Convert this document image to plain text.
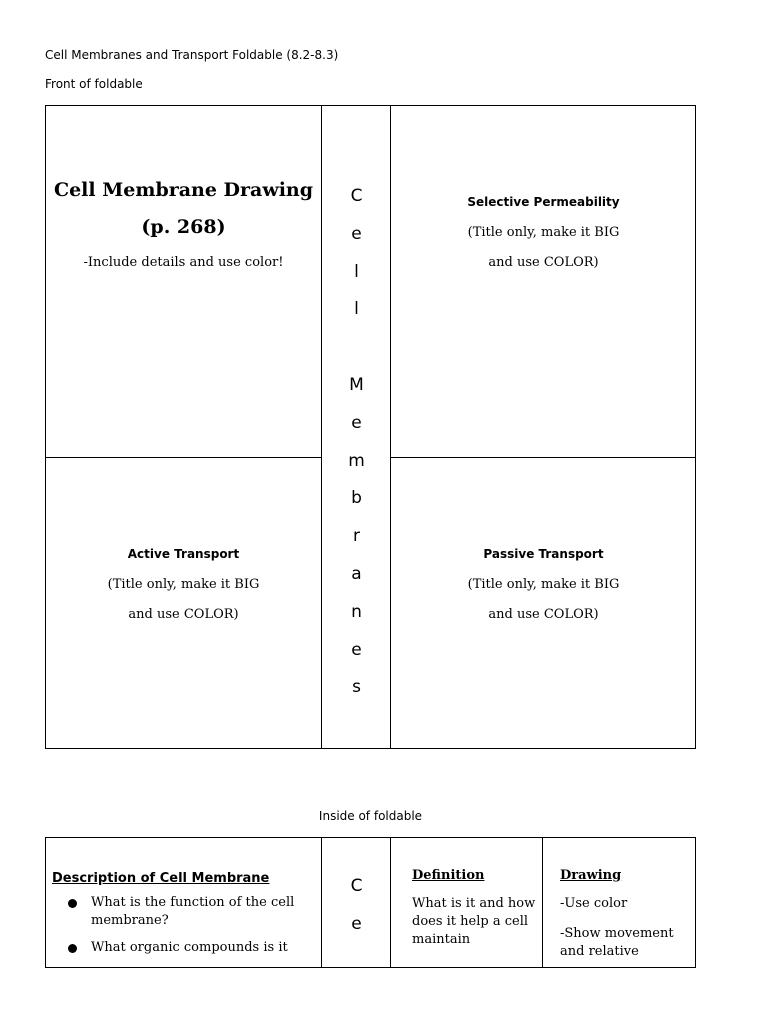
Cell Membranes and Transport Foldable (8.2-8.3)
Front of foldable
Cell Membrane Drawing
(p. 268)
-Include details and use color!
C
e
l
l
M
e
m
b
r
a
n
e
s
Selective Permeability
(Title only, make it BIG
and use COLOR)
Active Transport
(Title only, make it BIG
and use COLOR)
Passive Transport
(Title only, make it BIG
and use COLOR)
Inside of foldable
Description of Cell Membrane
What is the function of the cell membrane?
What organic compounds is it
C
e
Definition
What is it and how does it help a cell maintain
Drawing
-Use color
-Show movement and relative
